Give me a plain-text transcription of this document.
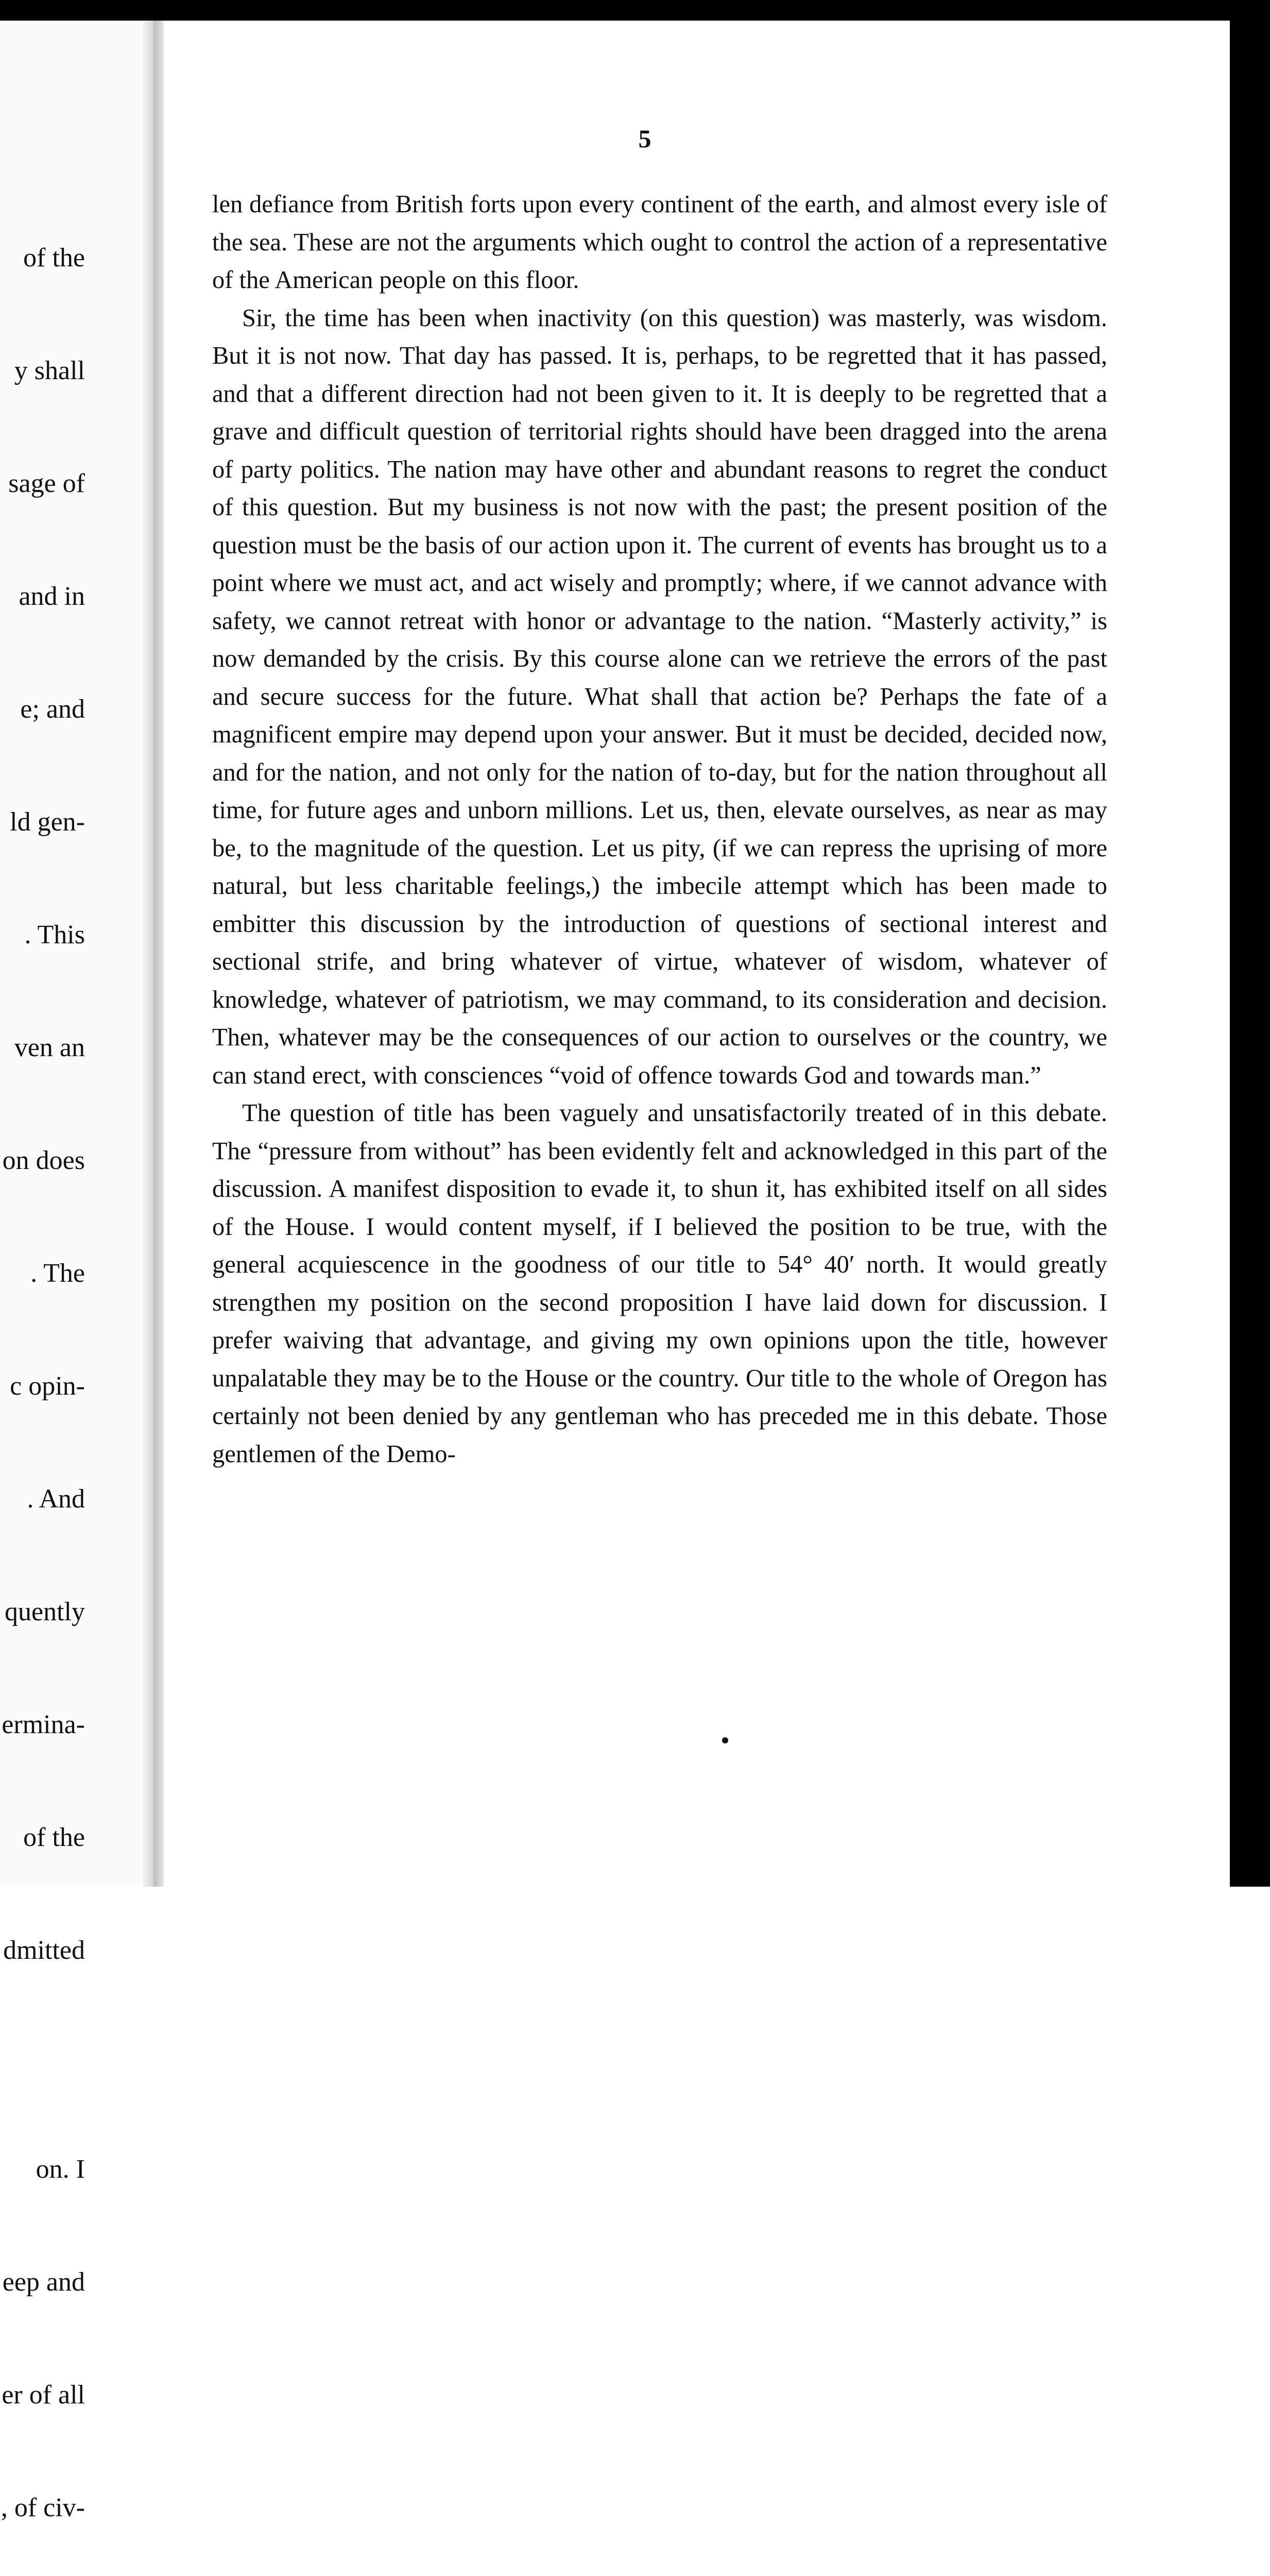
of the

y shall

sage of

and in

e; and

ld gen-

. This

ven an

on does

. The

c opin-

. And

quently

ermina-

of the

dmitted

on. I

eep and

er of all

, of civ-

5

len defiance from British forts upon every continent of the earth, and almost every isle of the sea. These are not the arguments which ought to control the action of a representative of the American people on this floor.

Sir, the time has been when inactivity (on this question) was masterly, was wisdom. But it is not now. That day has passed. It is, perhaps, to be regretted that it has passed, and that a different direction had not been given to it. It is deeply to be regretted that a grave and difficult question of territorial rights should have been dragged into the arena of party politics. The nation may have other and abundant reasons to regret the conduct of this question. But my business is not now with the past; the present position of the question must be the basis of our action upon it. The current of events has brought us to a point where we must act, and act wisely and promptly; where, if we cannot advance with safety, we cannot retreat with honor or advantage to the nation. “Masterly activity,” is now demanded by the crisis. By this course alone can we retrieve the errors of the past and secure success for the future. What shall that action be? Perhaps the fate of a magnificent empire may depend upon your answer. But it must be decided, decided now, and for the nation, and not only for the nation of to-day, but for the nation throughout all time, for future ages and unborn millions. Let us, then, elevate ourselves, as near as may be, to the magnitude of the question. Let us pity, (if we can repress the uprising of more natural, but less charitable feelings,) the imbecile attempt which has been made to embitter this discussion by the introduction of questions of sectional interest and sectional strife, and bring whatever of virtue, whatever of wisdom, whatever of knowledge, whatever of patriotism, we may command, to its consideration and decision. Then, whatever may be the consequences of our action to ourselves or the country, we can stand erect, with consciences “void of offence towards God and towards man.”

The question of title has been vaguely and unsatisfactorily treated of in this debate. The “pressure from without” has been evidently felt and acknowledged in this part of the discussion. A manifest disposition to evade it, to shun it, has exhibited itself on all sides of the House. I would content myself, if I believed the position to be true, with the general acquiescence in the goodness of our title to 54° 40′ north. It would greatly strengthen my position on the second proposition I have laid down for discussion. I prefer waiving that advantage, and giving my own opinions upon the title, however unpalatable they may be to the House or the country. Our title to the whole of Oregon has certainly not been denied by any gentleman who has preceded me in this debate. Those gentlemen of the Demo-
